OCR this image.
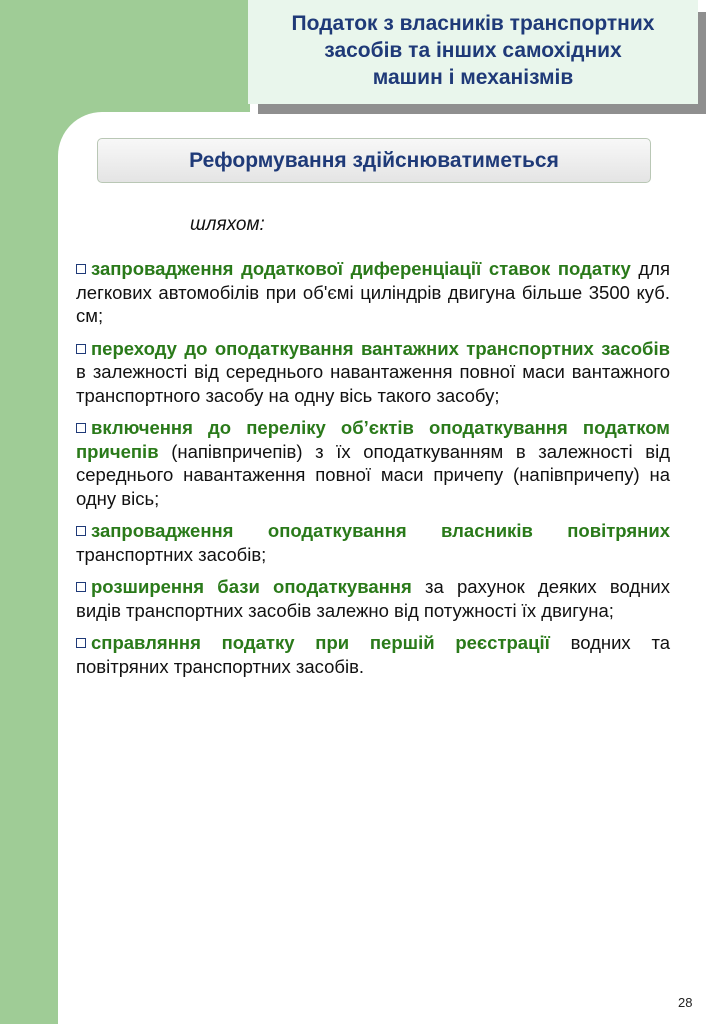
Податок з власників транспортних
засобів та інших самохідних
машин і механізмів
Реформування здійснюватиметься
шляхом:
запровадження додаткової диференціації ставок податку для легкових автомобілів при об'ємі циліндрів двигуна більше 3500 куб. см;
переходу до оподаткування вантажних транспортних засобів в залежності від середнього навантаження повної маси вантажного транспортного засобу на одну вісь такого засобу;
включення до переліку об’єктів оподаткування податком причепів (напівпричепів) з їх оподаткуванням в залежності від середнього навантаження повної маси причепу (напівпричепу) на одну вісь;
запровадження оподаткування власників повітряних транспортних засобів;
розширення бази оподаткування за рахунок деяких водних видів транспортних засобів залежно від потужності їх двигуна;
справляння податку при першій реєстрації водних та повітряних транспортних засобів.
28
